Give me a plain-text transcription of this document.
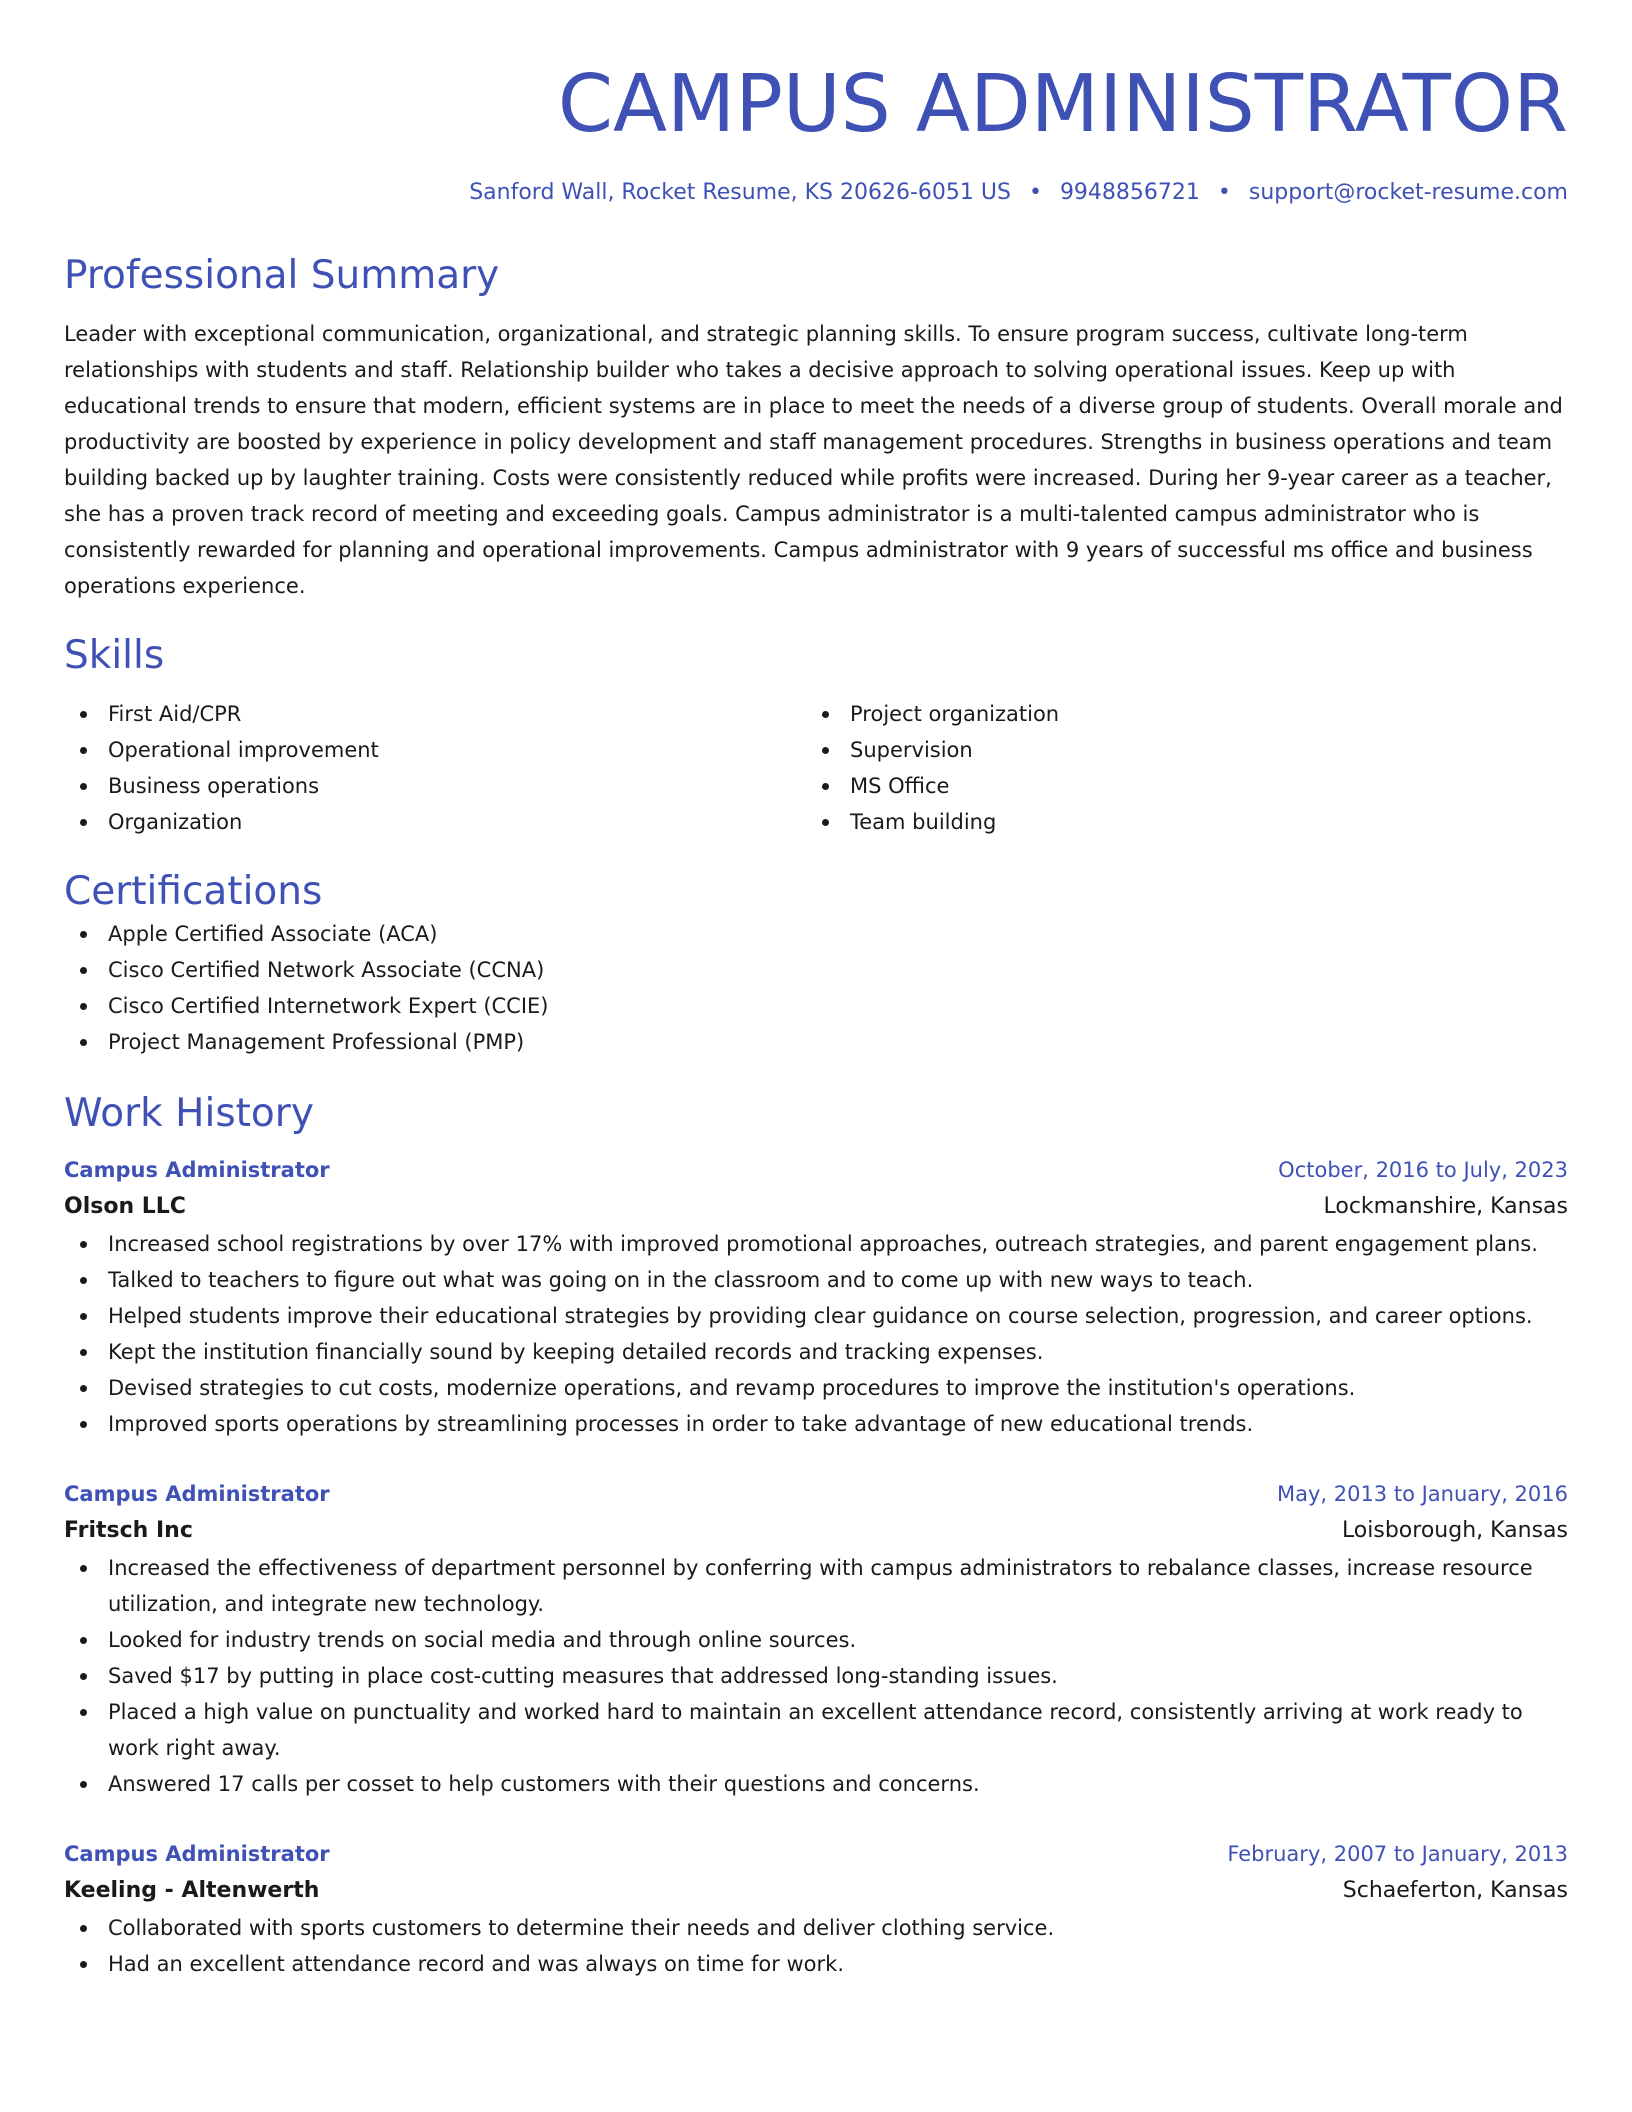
CAMPUS ADMINISTRATOR
Sanford Wall, Rocket Resume, KS 20626-6051 US • 9948856721 • support@rocket-resume.com
Professional Summary
Leader with exceptional communication, organizational, and strategic planning skills. To ensure program success, cultivate long-term relationships with students and staff. Relationship builder who takes a decisive approach to solving operational issues. Keep up with educational trends to ensure that modern, efficient systems are in place to meet the needs of a diverse group of students. Overall morale and productivity are boosted by experience in policy development and staff management procedures. Strengths in business operations and team building backed up by laughter training. Costs were consistently reduced while profits were increased. During her 9-year career as a teacher, she has a proven track record of meeting and exceeding goals. Campus administrator is a multi-talented campus administrator who is consistently rewarded for planning and operational improvements. Campus administrator with 9 years of successful ms office and business operations experience.
Skills
First Aid/CPR
Operational improvement
Business operations
Organization
Project organization
Supervision
MS Office
Team building
Certifications
Apple Certified Associate (ACA)
Cisco Certified Network Associate (CCNA)
Cisco Certified Internetwork Expert (CCIE)
Project Management Professional (PMP)
Work History
Campus Administrator	October, 2016 to July, 2023
Olson LLC	Lockmanshire, Kansas
Increased school registrations by over 17% with improved promotional approaches, outreach strategies, and parent engagement plans.
Talked to teachers to figure out what was going on in the classroom and to come up with new ways to teach.
Helped students improve their educational strategies by providing clear guidance on course selection, progression, and career options.
Kept the institution financially sound by keeping detailed records and tracking expenses.
Devised strategies to cut costs, modernize operations, and revamp procedures to improve the institution's operations.
Improved sports operations by streamlining processes in order to take advantage of new educational trends.
Campus Administrator	May, 2013 to January, 2016
Fritsch Inc	Loisborough, Kansas
Increased the effectiveness of department personnel by conferring with campus administrators to rebalance classes, increase resource utilization, and integrate new technology.
Looked for industry trends on social media and through online sources.
Saved $17 by putting in place cost-cutting measures that addressed long-standing issues.
Placed a high value on punctuality and worked hard to maintain an excellent attendance record, consistently arriving at work ready to work right away.
Answered 17 calls per cosset to help customers with their questions and concerns.
Campus Administrator	February, 2007 to January, 2013
Keeling - Altenwerth	Schaeferton, Kansas
Collaborated with sports customers to determine their needs and deliver clothing service.
Had an excellent attendance record and was always on time for work.
